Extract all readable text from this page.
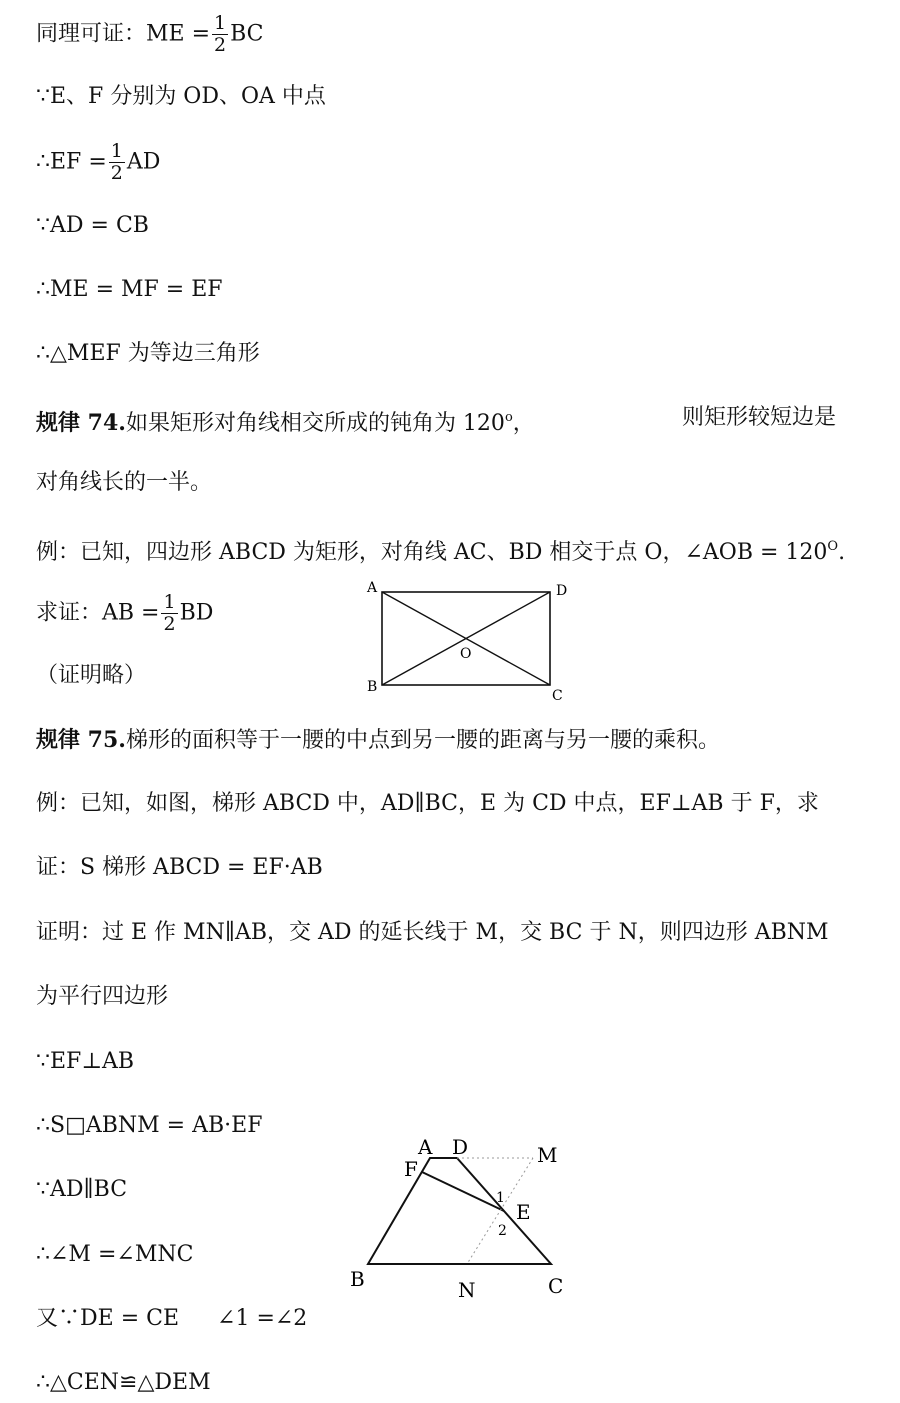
同理可证：ME = $\frac{1}{2}$ BC
∵E、F 分别为 OD、OA 中点
∴EF = $\frac{1}{2}$ AD
∵AD = CB
∴ME = MF = EF
∴△MEF 为等边三角形
规律 74.如果矩形对角线相交所成的钝角为 120$^o$，	则矩形较短边是
对角线长的一半。
例：已知，四边形 ABCD 为矩形，对角线 AC、BD 相交于点 O，∠AOB = $120^O$.
求证：AB = $\frac{1}{2}$ BD
（证明略）
A	D
B
C
O
规律 75.梯形的面积等于一腰的中点到另一腰的距离与另一腰的乘积。
例：已知，如图，梯形 ABCD 中，AD∥BC，E 为 CD 中点，EF⊥AB 于 F，求
证：S 梯形 ABCD = EF·AB
证明：过 E 作 MN∥AB，交 AD 的延长线于 M，交 BC 于 N，则四边形 ABNM
为平行四边形
∵EF⊥AB
∴S□ABNM = AB·EF
∵AD∥BC
∴∠M =∠MNC
又∵DE = CE ∠1 =∠2
∴△CEN≌△DEM
A D	M
F
E
1
2
B	N	C
